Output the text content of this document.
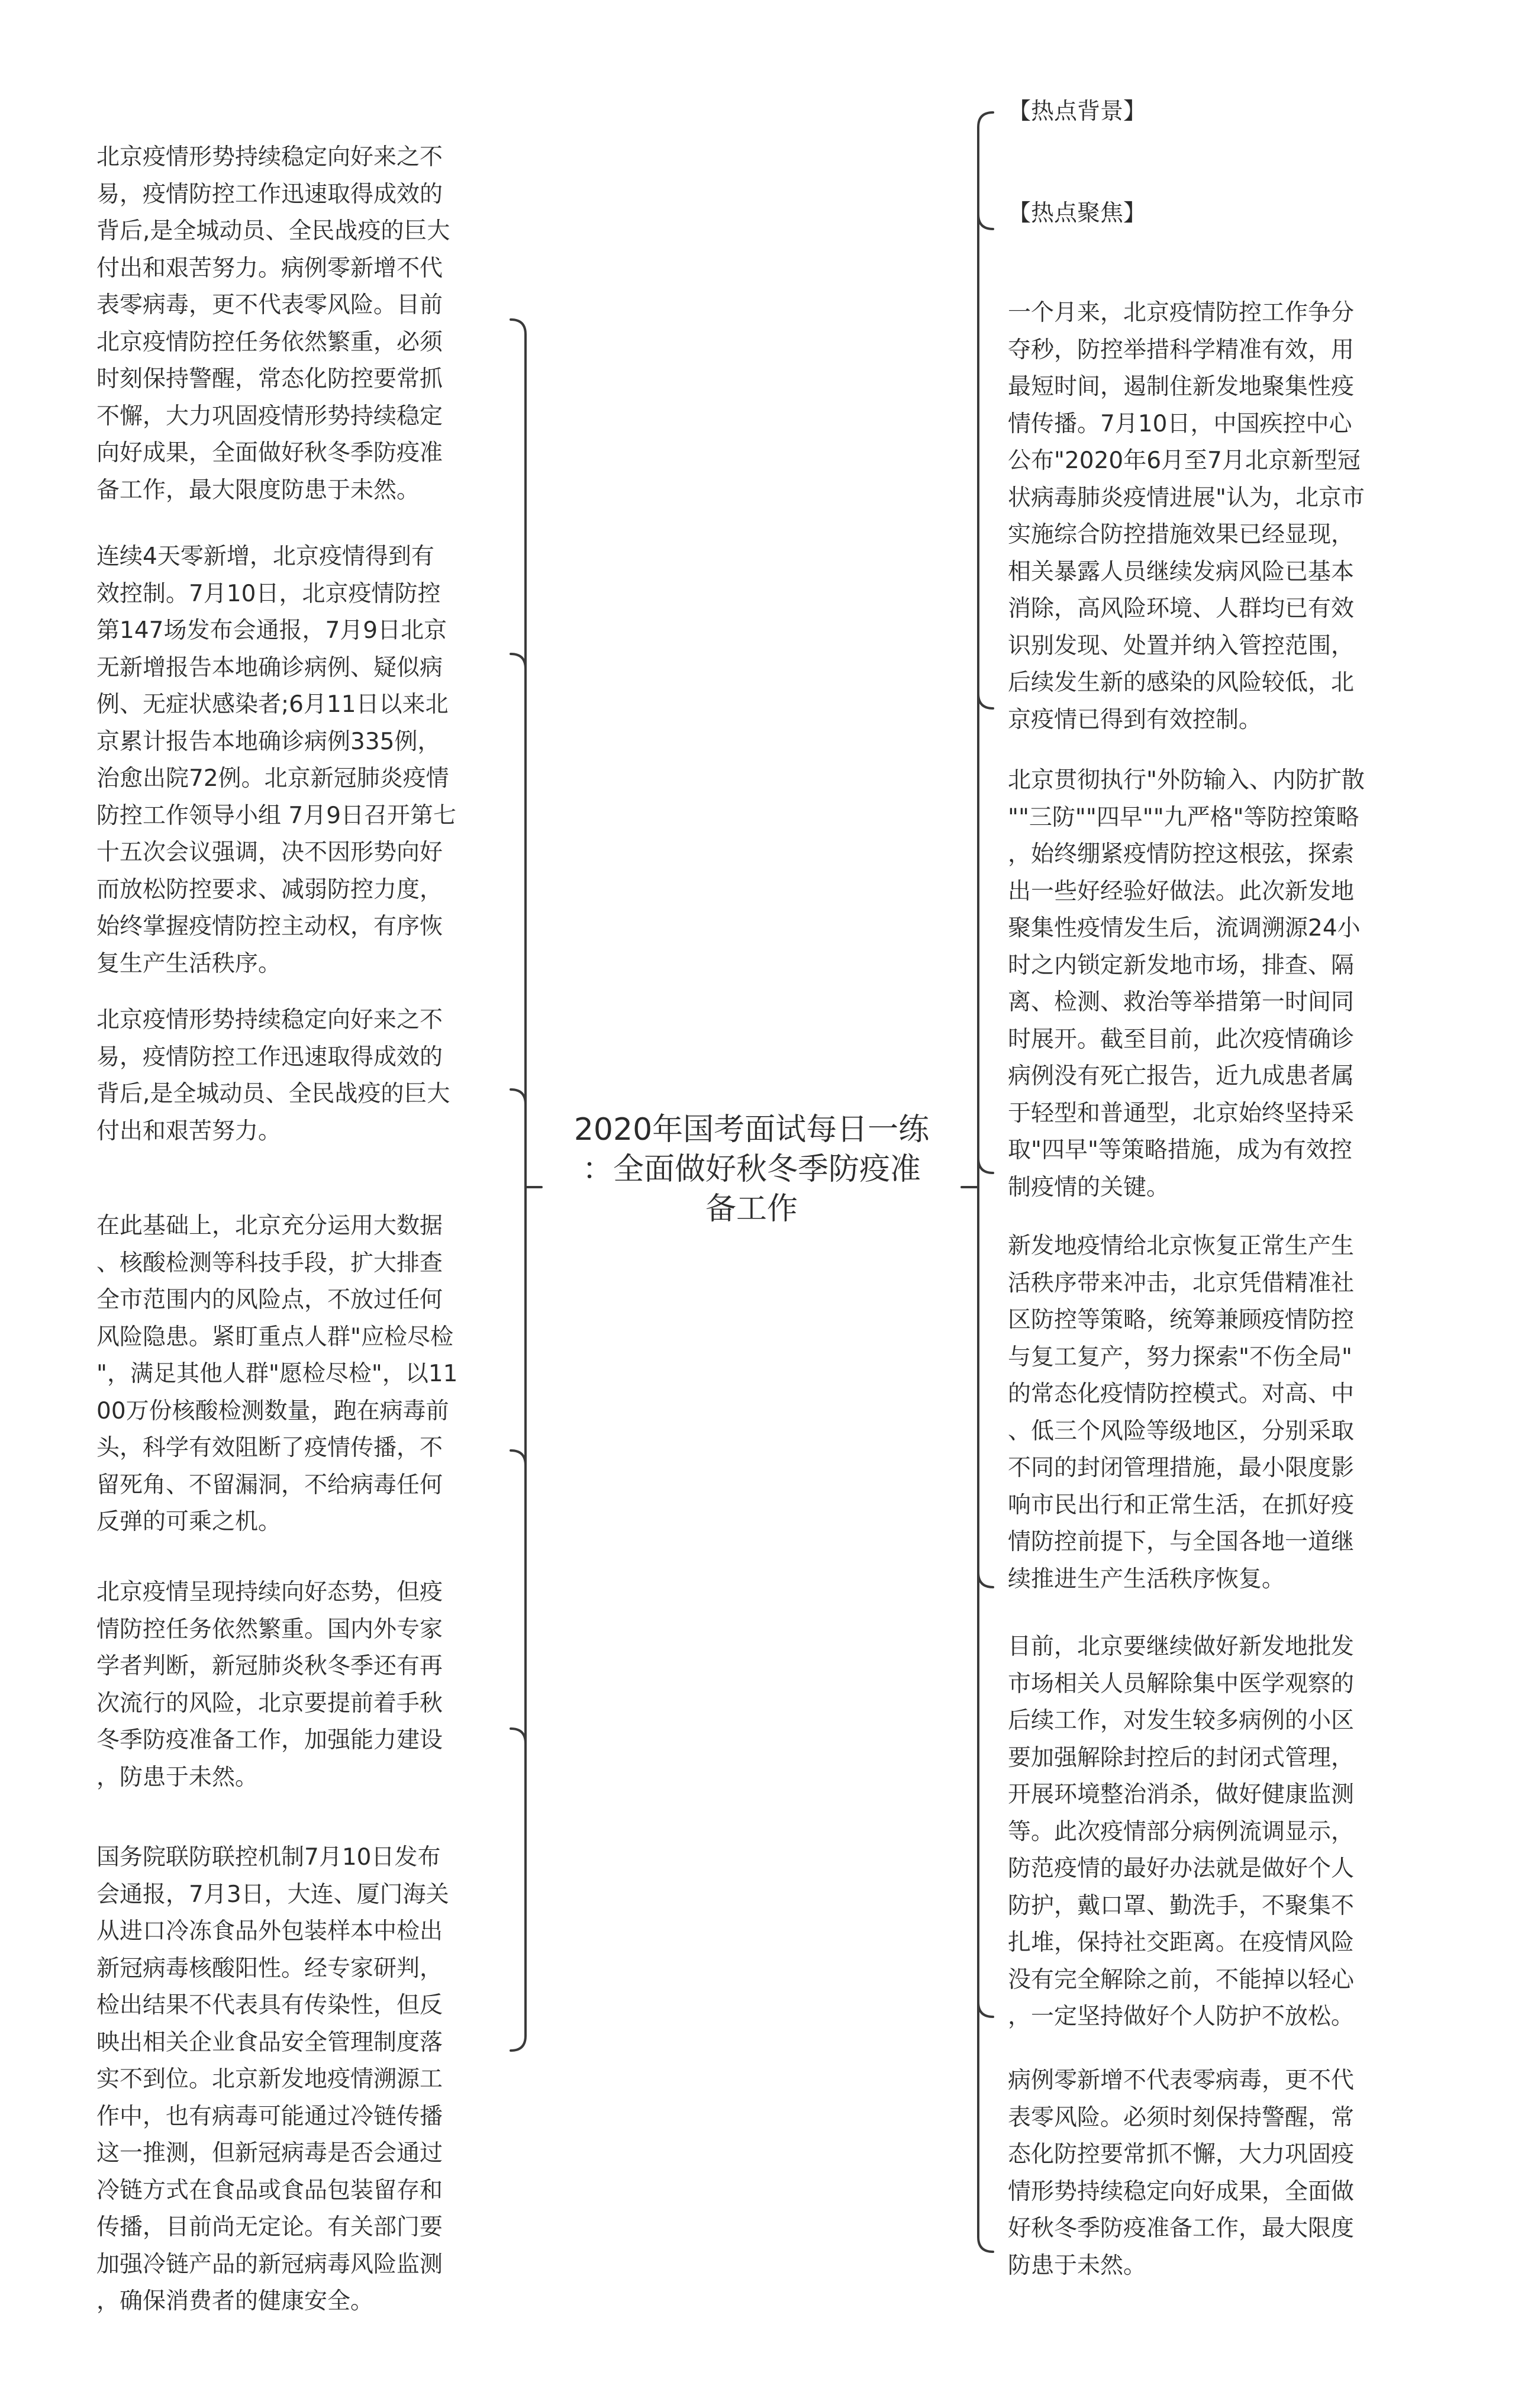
2020年国考面试每日一练
：全面做好秋冬季防疫准
备工作
北京疫情形势持续稳定向好来之不
易，疫情防控工作迅速取得成效的
背后,是全城动员、全民战疫的巨大
付出和艰苦努力。病例零新增不代
表零病毒，更不代表零风险。目前
北京疫情防控任务依然繁重，必须
时刻保持警醒，常态化防控要常抓
不懈，大力巩固疫情形势持续稳定
向好成果，全面做好秋冬季防疫准
备工作，最大限度防患于未然。
连续4天零新增，北京疫情得到有
效控制。7月10日，北京疫情防控
第147场发布会通报，7月9日北京
无新增报告本地确诊病例、疑似病
例、无症状感染者;6月11日以来北
京累计报告本地确诊病例335例，
治愈出院72例。北京新冠肺炎疫情
防控工作领导小组 7月9日召开第七
十五次会议强调，决不因形势向好
而放松防控要求、减弱防控力度，
始终掌握疫情防控主动权，有序恢
复生产生活秩序。
北京疫情形势持续稳定向好来之不
易，疫情防控工作迅速取得成效的
背后,是全城动员、全民战疫的巨大
付出和艰苦努力。
在此基础上，北京充分运用大数据
、核酸检测等科技手段，扩大排查
全市范围内的风险点，不放过任何
风险隐患。紧盯重点人群"应检尽检
"，满足其他人群"愿检尽检"，以11
00万份核酸检测数量，跑在病毒前
头，科学有效阻断了疫情传播，不
留死角、不留漏洞，不给病毒任何
反弹的可乘之机。
北京疫情呈现持续向好态势，但疫
情防控任务依然繁重。国内外专家
学者判断，新冠肺炎秋冬季还有再
次流行的风险，北京要提前着手秋
冬季防疫准备工作，加强能力建设
，防患于未然。
国务院联防联控机制7月10日发布
会通报，7月3日，大连、厦门海关
从进口冷冻食品外包装样本中检出
新冠病毒核酸阳性。经专家研判，
检出结果不代表具有传染性，但反
映出相关企业食品安全管理制度落
实不到位。北京新发地疫情溯源工
作中，也有病毒可能通过冷链传播
这一推测，但新冠病毒是否会通过
冷链方式在食品或食品包装留存和
传播，目前尚无定论。有关部门要
加强冷链产品的新冠病毒风险监测
，确保消费者的健康安全。
【热点背景】
【热点聚焦】
一个月来，北京疫情防控工作争分
夺秒，防控举措科学精准有效，用
最短时间，遏制住新发地聚集性疫
情传播。7月10日，中国疾控中心
公布"2020年6月至7月北京新型冠
状病毒肺炎疫情进展"认为，北京市
实施综合防控措施效果已经显现，
相关暴露人员继续发病风险已基本
消除，高风险环境、人群均已有效
识别发现、处置并纳入管控范围，
后续发生新的感染的风险较低，北
京疫情已得到有效控制。
北京贯彻执行"外防输入、内防扩散
""三防""四早""九严格"等防控策略
，始终绷紧疫情防控这根弦，探索
出一些好经验好做法。此次新发地
聚集性疫情发生后，流调溯源24小
时之内锁定新发地市场，排查、隔
离、检测、救治等举措第一时间同
时展开。截至目前，此次疫情确诊
病例没有死亡报告，近九成患者属
于轻型和普通型，北京始终坚持采
取"四早"等策略措施，成为有效控
制疫情的关键。
新发地疫情给北京恢复正常生产生
活秩序带来冲击，北京凭借精准社
区防控等策略，统筹兼顾疫情防控
与复工复产，努力探索"不伤全局"
的常态化疫情防控模式。对高、中
、低三个风险等级地区，分别采取
不同的封闭管理措施，最小限度影
响市民出行和正常生活，在抓好疫
情防控前提下，与全国各地一道继
续推进生产生活秩序恢复。
目前，北京要继续做好新发地批发
市场相关人员解除集中医学观察的
后续工作，对发生较多病例的小区
要加强解除封控后的封闭式管理，
开展环境整治消杀，做好健康监测
等。此次疫情部分病例流调显示，
防范疫情的最好办法就是做好个人
防护，戴口罩、勤洗手，不聚集不
扎堆，保持社交距离。在疫情风险
没有完全解除之前，不能掉以轻心
，一定坚持做好个人防护不放松。
病例零新增不代表零病毒，更不代
表零风险。必须时刻保持警醒，常
态化防控要常抓不懈，大力巩固疫
情形势持续稳定向好成果，全面做
好秋冬季防疫准备工作，最大限度
防患于未然。
